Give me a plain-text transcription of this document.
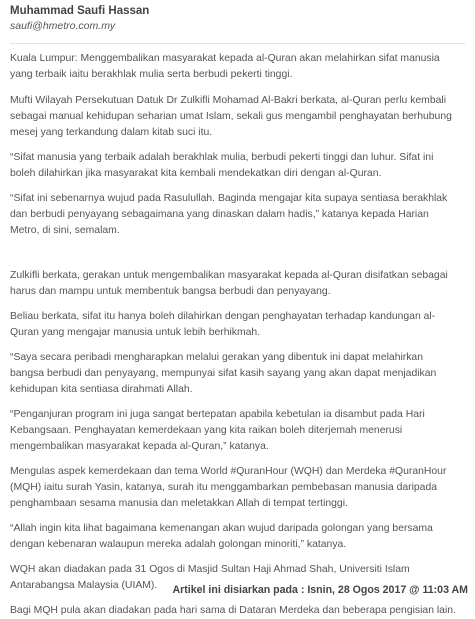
Muhammad Saufi Hassan
saufi@hmetro.com.my

Kuala Lumpur: Menggembalikan masyarakat kepada al-Quran akan melahirkan sifat manusia
yang terbaik iaitu berakhlak mulia serta berbudi pekerti tinggi.

Mufti Wilayah Persekutuan Datuk Dr Zulkifli Mohamad Al-Bakri berkata, al-Quran perlu kembali
sebagai manual kehidupan seharian umat Islam, sekali gus mengambil penghayatan berhubung
mesej yang terkandung dalam kitab suci itu.

“Sifat manusia yang terbaik adalah berakhlak mulia, berbudi pekerti tinggi dan luhur. Sifat ini
boleh dilahirkan jika masyarakat kita kembali mendekatkan diri dengan al-Quran.

“Sifat ini sebenarnya wujud pada Rasulullah. Baginda mengajar kita supaya sentiasa berakhlak
dan berbudi penyayang sebagaimana yang dinaskan dalam hadis,” katanya kepada Harian
Metro, di sini, semalam.

Zulkifli berkata, gerakan untuk mengembalikan masyarakat kepada al-Quran disifatkan sebagai
harus dan mampu untuk membentuk bangsa berbudi dan penyayang.

Beliau berkata, sifat itu hanya boleh dilahirkan dengan penghayatan terhadap kandungan al-
Quran yang mengajar manusia untuk lebih berhikmah.

“Saya secara peribadi mengharapkan melalui gerakan yang dibentuk ini dapat melahirkan
bangsa berbudi dan penyayang, mempunyai sifat kasih sayang yang akan dapat menjadikan
kehidupan kita sentiasa dirahmati Allah.

“Penganjuran program ini juga sangat bertepatan apabila kebetulan ia disambut pada Hari
Kebangsaan. Penghayatan kemerdekaan yang kita raikan boleh diterjemah menerusi
mengembalikan masyarakat kepada al-Quran,” katanya.

Mengulas aspek kemerdekaan dan tema World #QuranHour (WQH) dan Merdeka #QuranHour
(MQH) iaitu surah Yasin, katanya, surah itu menggambarkan pembebasan manusia daripada
penghambaan sesama manusia dan meletakkan Allah di tempat tertinggi.

“Allah ingin kita lihat bagaimana kemenangan akan wujud daripada golongan yang bersama
dengan kebenaran walaupun mereka adalah golongan minoriti,” katanya.

WQH akan diadakan pada 31 Ogos di Masjid Sultan Haji Ahmad Shah, Universiti Islam
Antarabangsa Malaysia (UIAM).

Bagi MQH pula akan diadakan pada hari sama di Dataran Merdeka dan beberapa pengisian lain.

Artikel ini disiarkan pada : Isnin, 28 Ogos 2017 @ 11:03 AM
